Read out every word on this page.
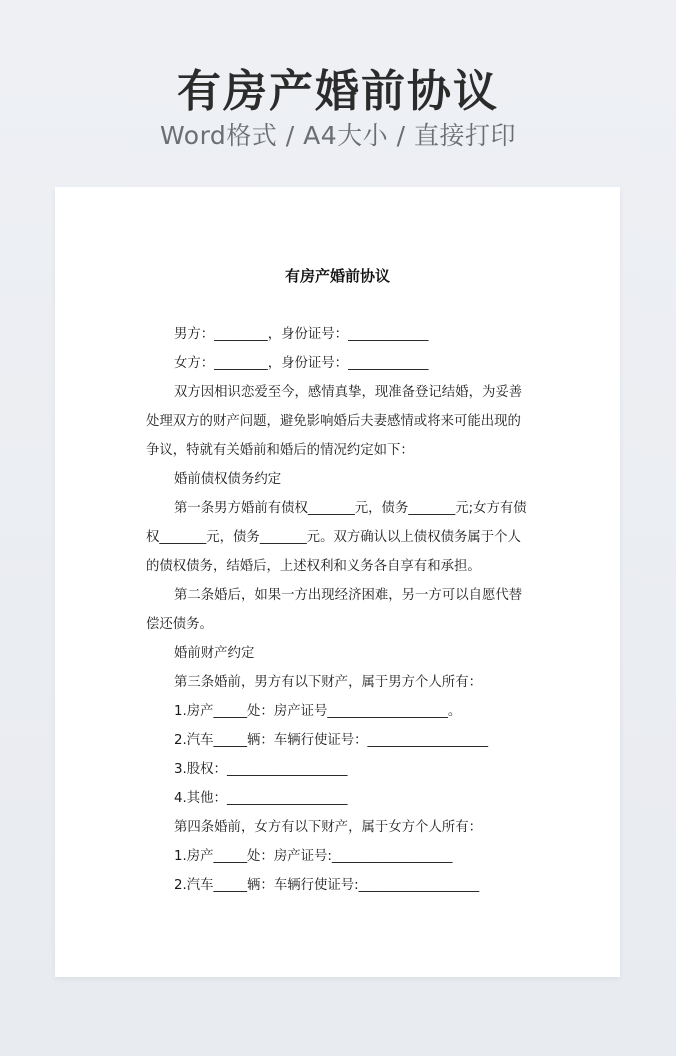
有房产婚前协议
Word格式 / A4大小 / 直接打印
有房产婚前协议

男方：________，身份证号：____________

女方：________，身份证号：____________

双方因相识恋爱至今，感情真挚，现准备登记结婚，为妥善处理双方的财产问题，避免影响婚后夫妻感情或将来可能出现的争议，特就有关婚前和婚后的情况约定如下：

婚前债权债务约定

第一条男方婚前有债权_______元，债务_______元;女方有债权_______元，债务_______元。双方确认以上债权债务属于个人的债权债务，结婚后，上述权利和义务各自享有和承担。

第二条婚后，如果一方出现经济困难，另一方可以自愿代替偿还债务。

婚前财产约定

第三条婚前，男方有以下财产，属于男方个人所有：

1.房产_____处：房产证号__________________。

2.汽车_____辆：车辆行使证号：__________________

3.股权：__________________

4.其他：__________________

第四条婚前，女方有以下财产，属于女方个人所有：

1.房产_____处：房产证号:__________________

2.汽车_____辆：车辆行使证号:__________________
